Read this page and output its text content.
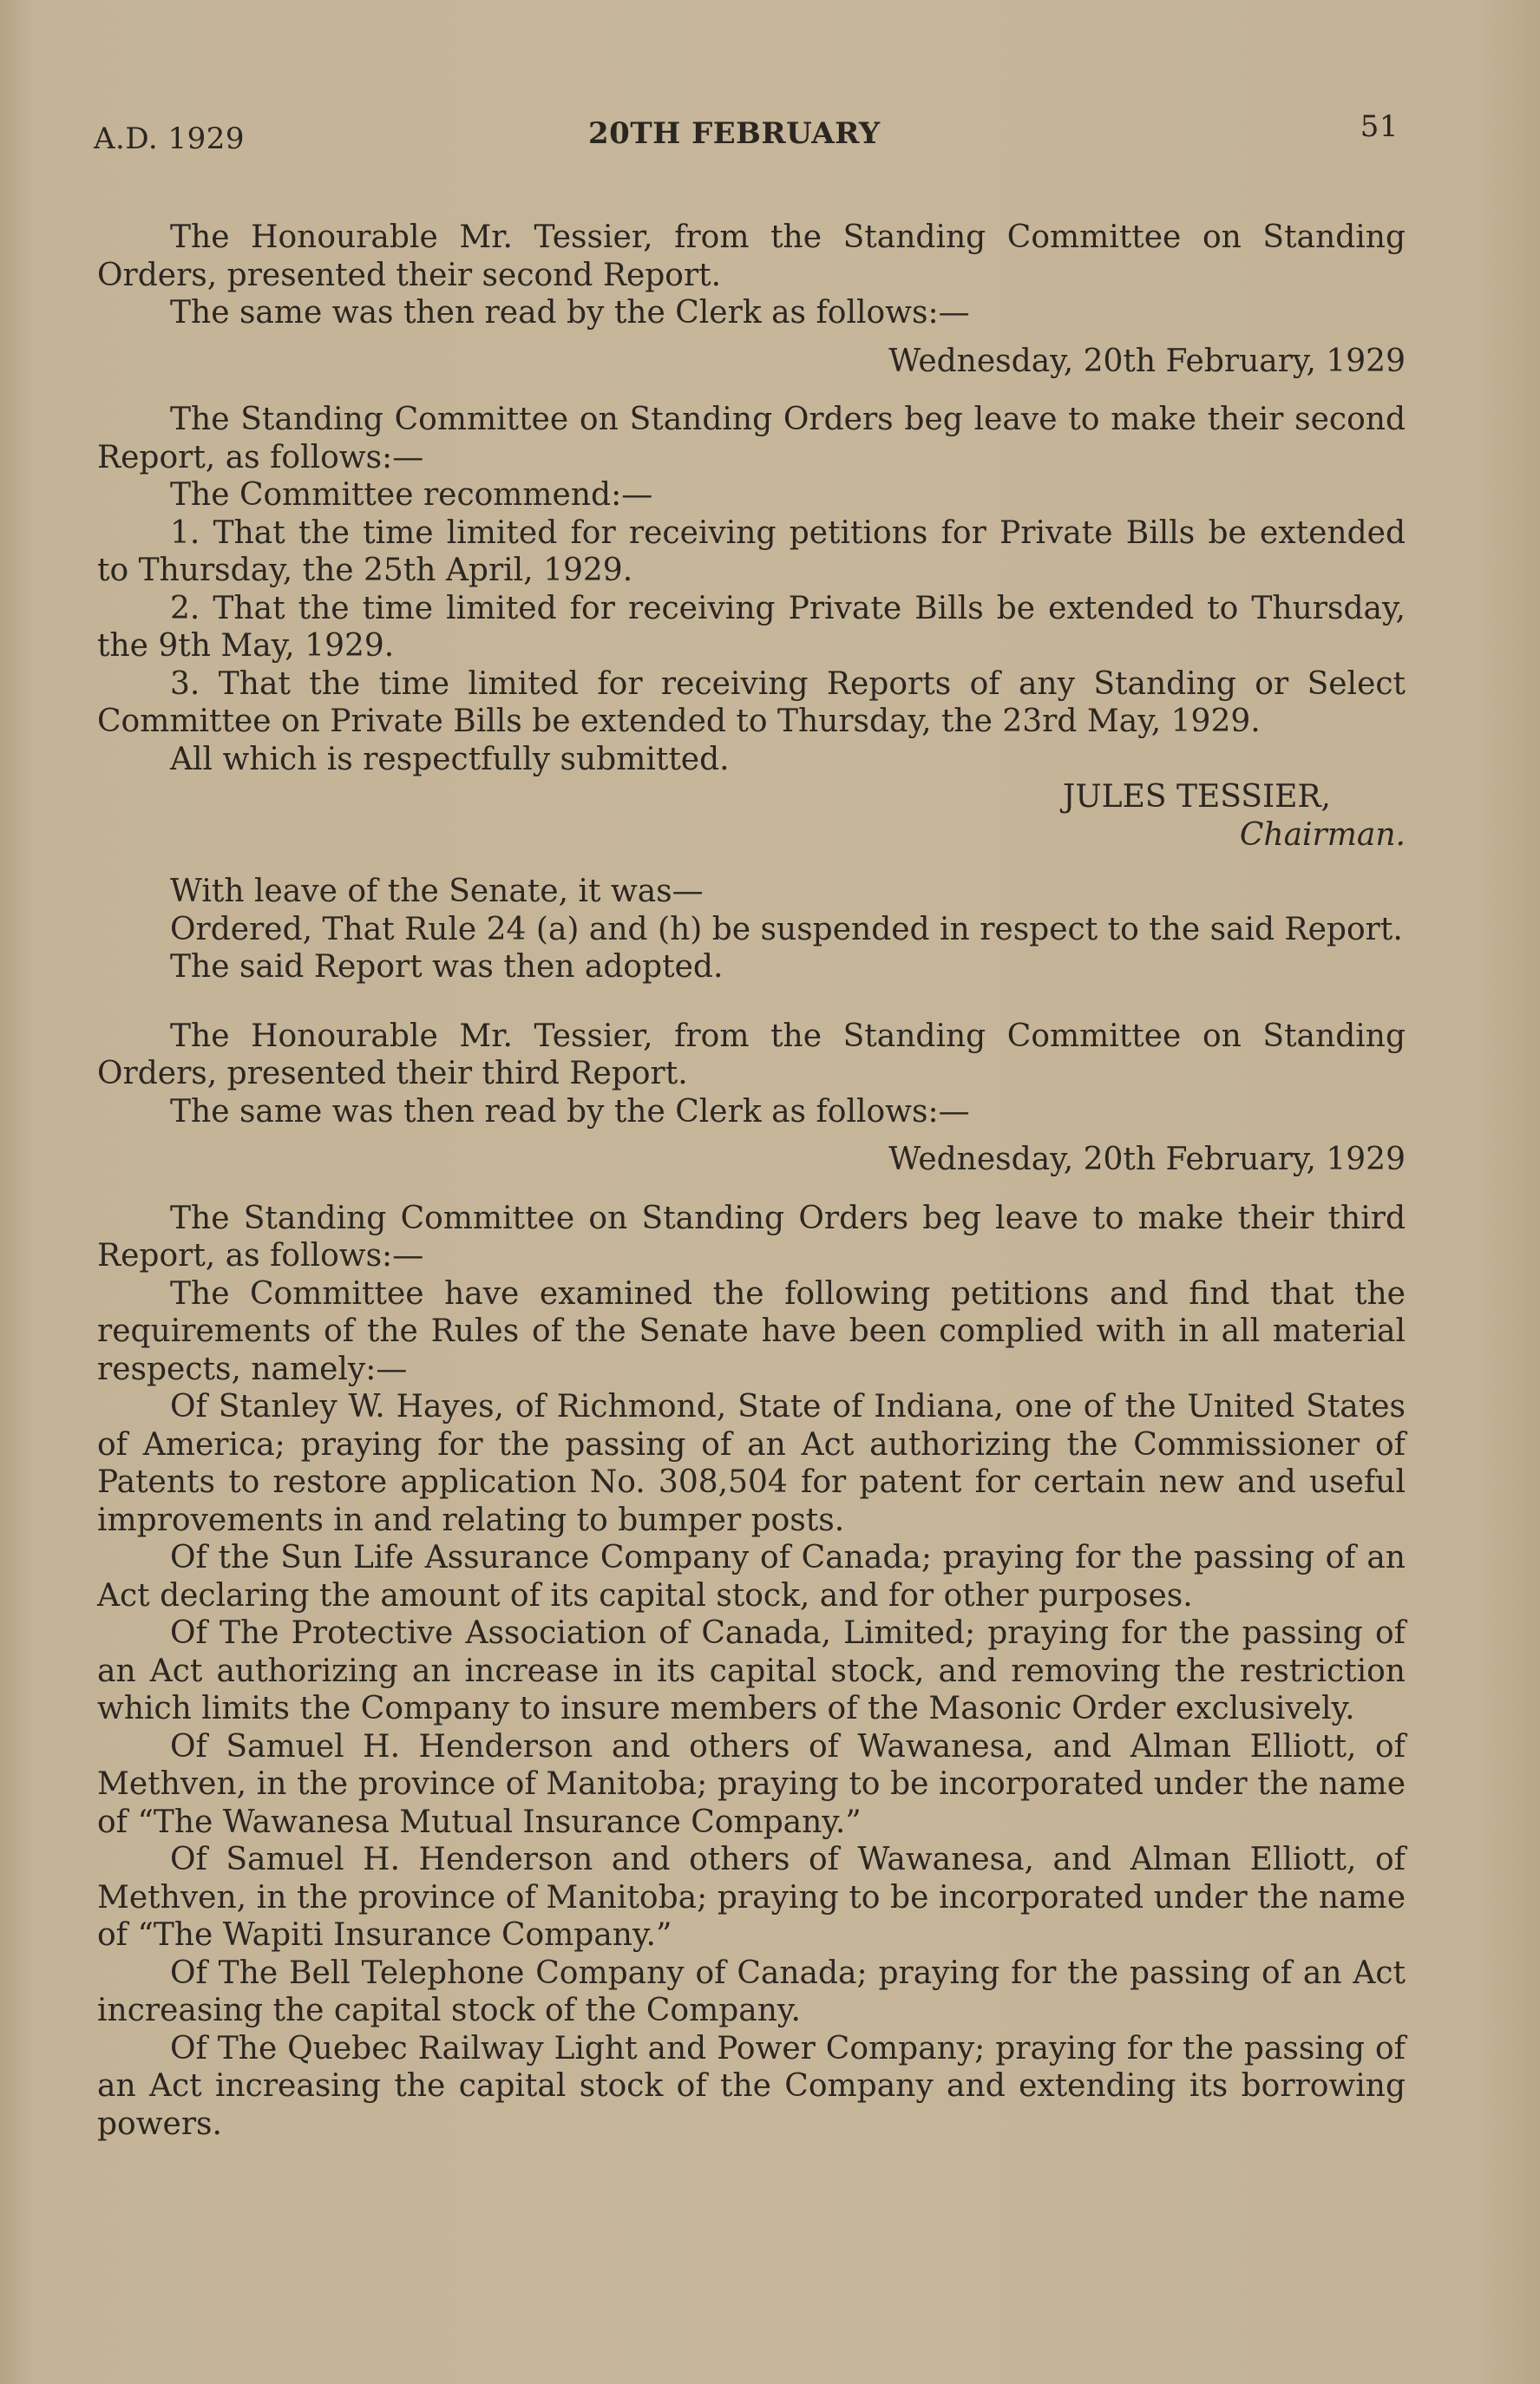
A.D. 1929	20TH FEBRUARY	51

The Honourable Mr. Tessier, from the Standing Committee on Standing Orders, presented their second Report.

The same was then read by the Clerk as follows:—

Wednesday, 20th February, 1929

The Standing Committee on Standing Orders beg leave to make their second Report, as follows:—

The Committee recommend:—

1. That the time limited for receiving petitions for Private Bills be extended to Thursday, the 25th April, 1929.

2. That the time limited for receiving Private Bills be extended to Thursday, the 9th May, 1929.

3. That the time limited for receiving Reports of any Standing or Select Committee on Private Bills be extended to Thursday, the 23rd May, 1929.

All which is respectfully submitted.

JULES TESSIER,

Chairman.

With leave of the Senate, it was—

Ordered, That Rule 24 (a) and (h) be suspended in respect to the said Report.

The said Report was then adopted.

The Honourable Mr. Tessier, from the Standing Committee on Standing Orders, presented their third Report.

The same was then read by the Clerk as follows:—

Wednesday, 20th February, 1929

The Standing Committee on Standing Orders beg leave to make their third Report, as follows:—

The Committee have examined the following petitions and find that the requirements of the Rules of the Senate have been complied with in all material respects, namely:—

Of Stanley W. Hayes, of Richmond, State of Indiana, one of the United States of America; praying for the passing of an Act authorizing the Commissioner of Patents to restore application No. 308,504 for patent for certain new and useful improvements in and relating to bumper posts.

Of the Sun Life Assurance Company of Canada; praying for the passing of an Act declaring the amount of its capital stock, and for other purposes.

Of The Protective Association of Canada, Limited; praying for the passing of an Act authorizing an increase in its capital stock, and removing the restriction which limits the Company to insure members of the Masonic Order exclusively.

Of Samuel H. Henderson and others of Wawanesa, and Alman Elliott, of Methven, in the province of Manitoba; praying to be incorporated under the name of “The Wawanesa Mutual Insurance Company.”

Of Samuel H. Henderson and others of Wawanesa, and Alman Elliott, of Methven, in the province of Manitoba; praying to be incorporated under the name of “The Wapiti Insurance Company.”

Of The Bell Telephone Company of Canada; praying for the passing of an Act increasing the capital stock of the Company.

Of The Quebec Railway Light and Power Company; praying for the passing of an Act increasing the capital stock of the Company and extending its borrowing powers.
